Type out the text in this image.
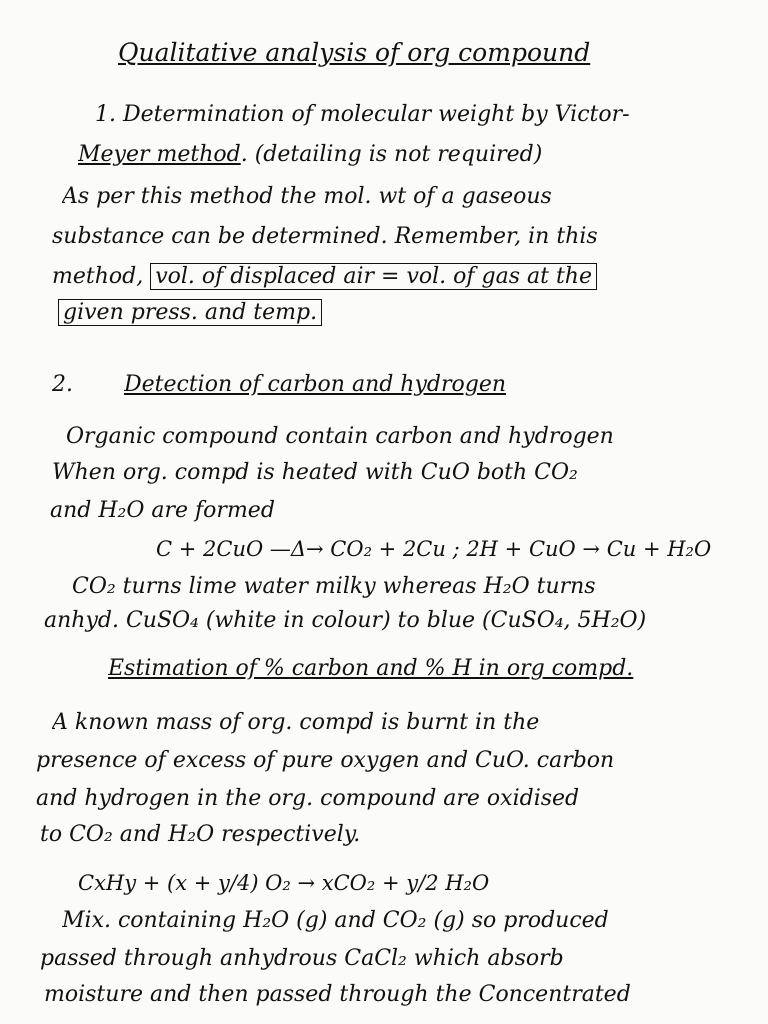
Qualitative analysis of org compound
1. Determination of molecular weight by Victor-
Meyer method. (detailing is not required)
As per this method the mol. wt of a gaseous
substance can be determined. Remember, in this
method, vol. of displaced air = vol. of gas at the
given press. and temp.
2.	Detection of carbon and hydrogen
Organic compound contain carbon and hydrogen
When org. compd is heated with CuO both CO₂
and H₂O are formed
C + 2CuO —Δ→ CO₂ + 2Cu ; 2H + CuO → Cu + H₂O
CO₂ turns lime water milky whereas H₂O turns
anhyd. CuSO₄ (white in colour) to blue (CuSO₄, 5H₂O)
Estimation of % carbon and % H in org compd.
A known mass of org. compd is burnt in the
presence of excess of pure oxygen and CuO. carbon
and hydrogen in the org. compound are oxidised
to CO₂ and H₂O respectively.
CxHy + (x + y/4) O₂ → xCO₂ + y/2 H₂O
Mix. containing H₂O (g) and CO₂ (g) so produced
passed through anhydrous CaCl₂ which absorb
moisture and then passed through the Concentrated
